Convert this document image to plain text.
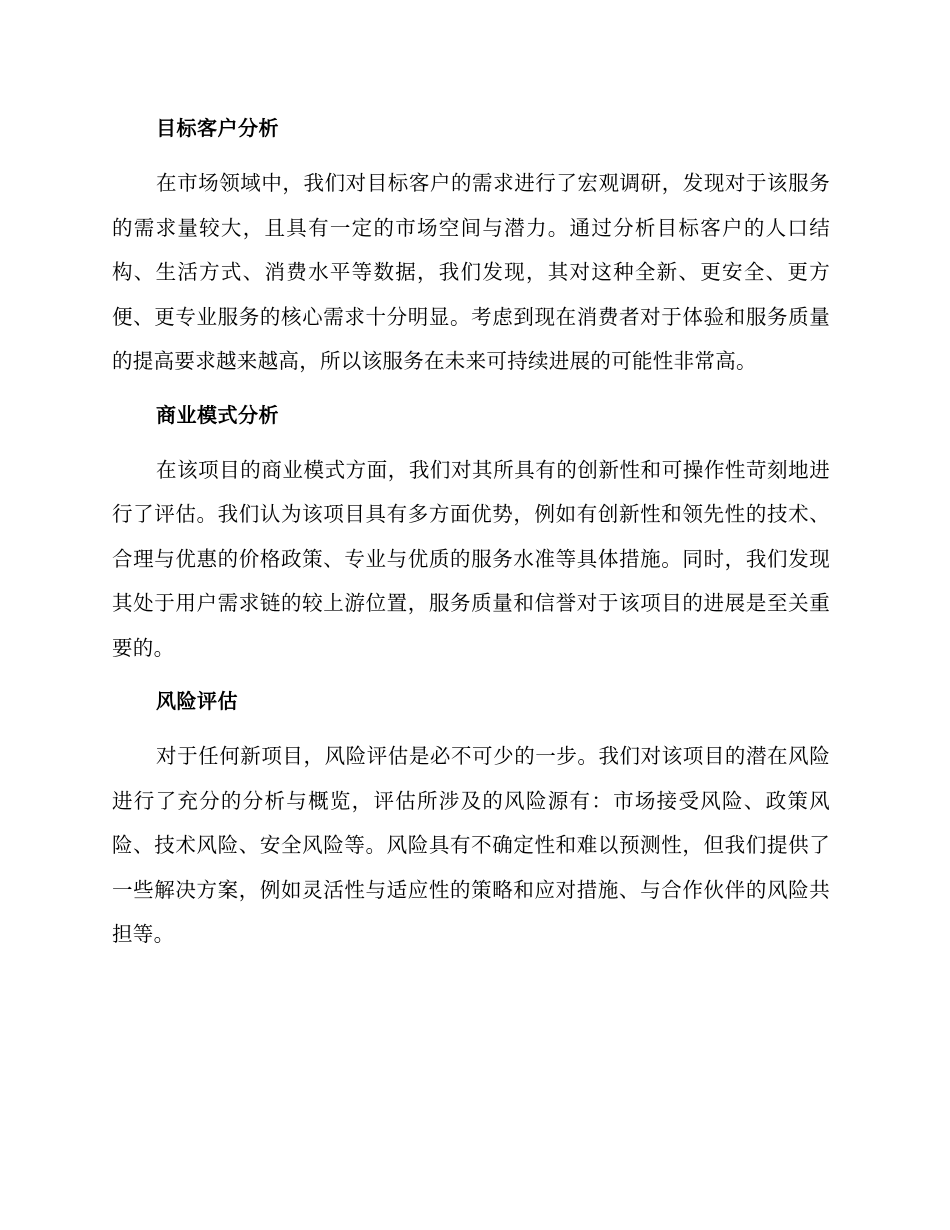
目标客户分析

在市场领域中，我们对目标客户的需求进行了宏观调研，发现对于该服务的需求量较大，且具有一定的市场空间与潜力。通过分析目标客户的人口结构、生活方式、消费水平等数据，我们发现，其对这种全新、更安全、更方便、更专业服务的核心需求十分明显。考虑到现在消费者对于体验和服务质量的提高要求越来越高，所以该服务在未来可持续进展的可能性非常高。

商业模式分析

在该项目的商业模式方面，我们对其所具有的创新性和可操作性苛刻地进行了评估。我们认为该项目具有多方面优势，例如有创新性和领先性的技术、合理与优惠的价格政策、专业与优质的服务水准等具体措施。同时，我们发现其处于用户需求链的较上游位置，服务质量和信誉对于该项目的进展是至关重要的。

风险评估

对于任何新项目，风险评估是必不可少的一步。我们对该项目的潜在风险进行了充分的分析与概览，评估所涉及的风险源有：市场接受风险、政策风险、技术风险、安全风险等。风险具有不确定性和难以预测性，但我们提供了一些解决方案，例如灵活性与适应性的策略和应对措施、与合作伙伴的风险共担等。
